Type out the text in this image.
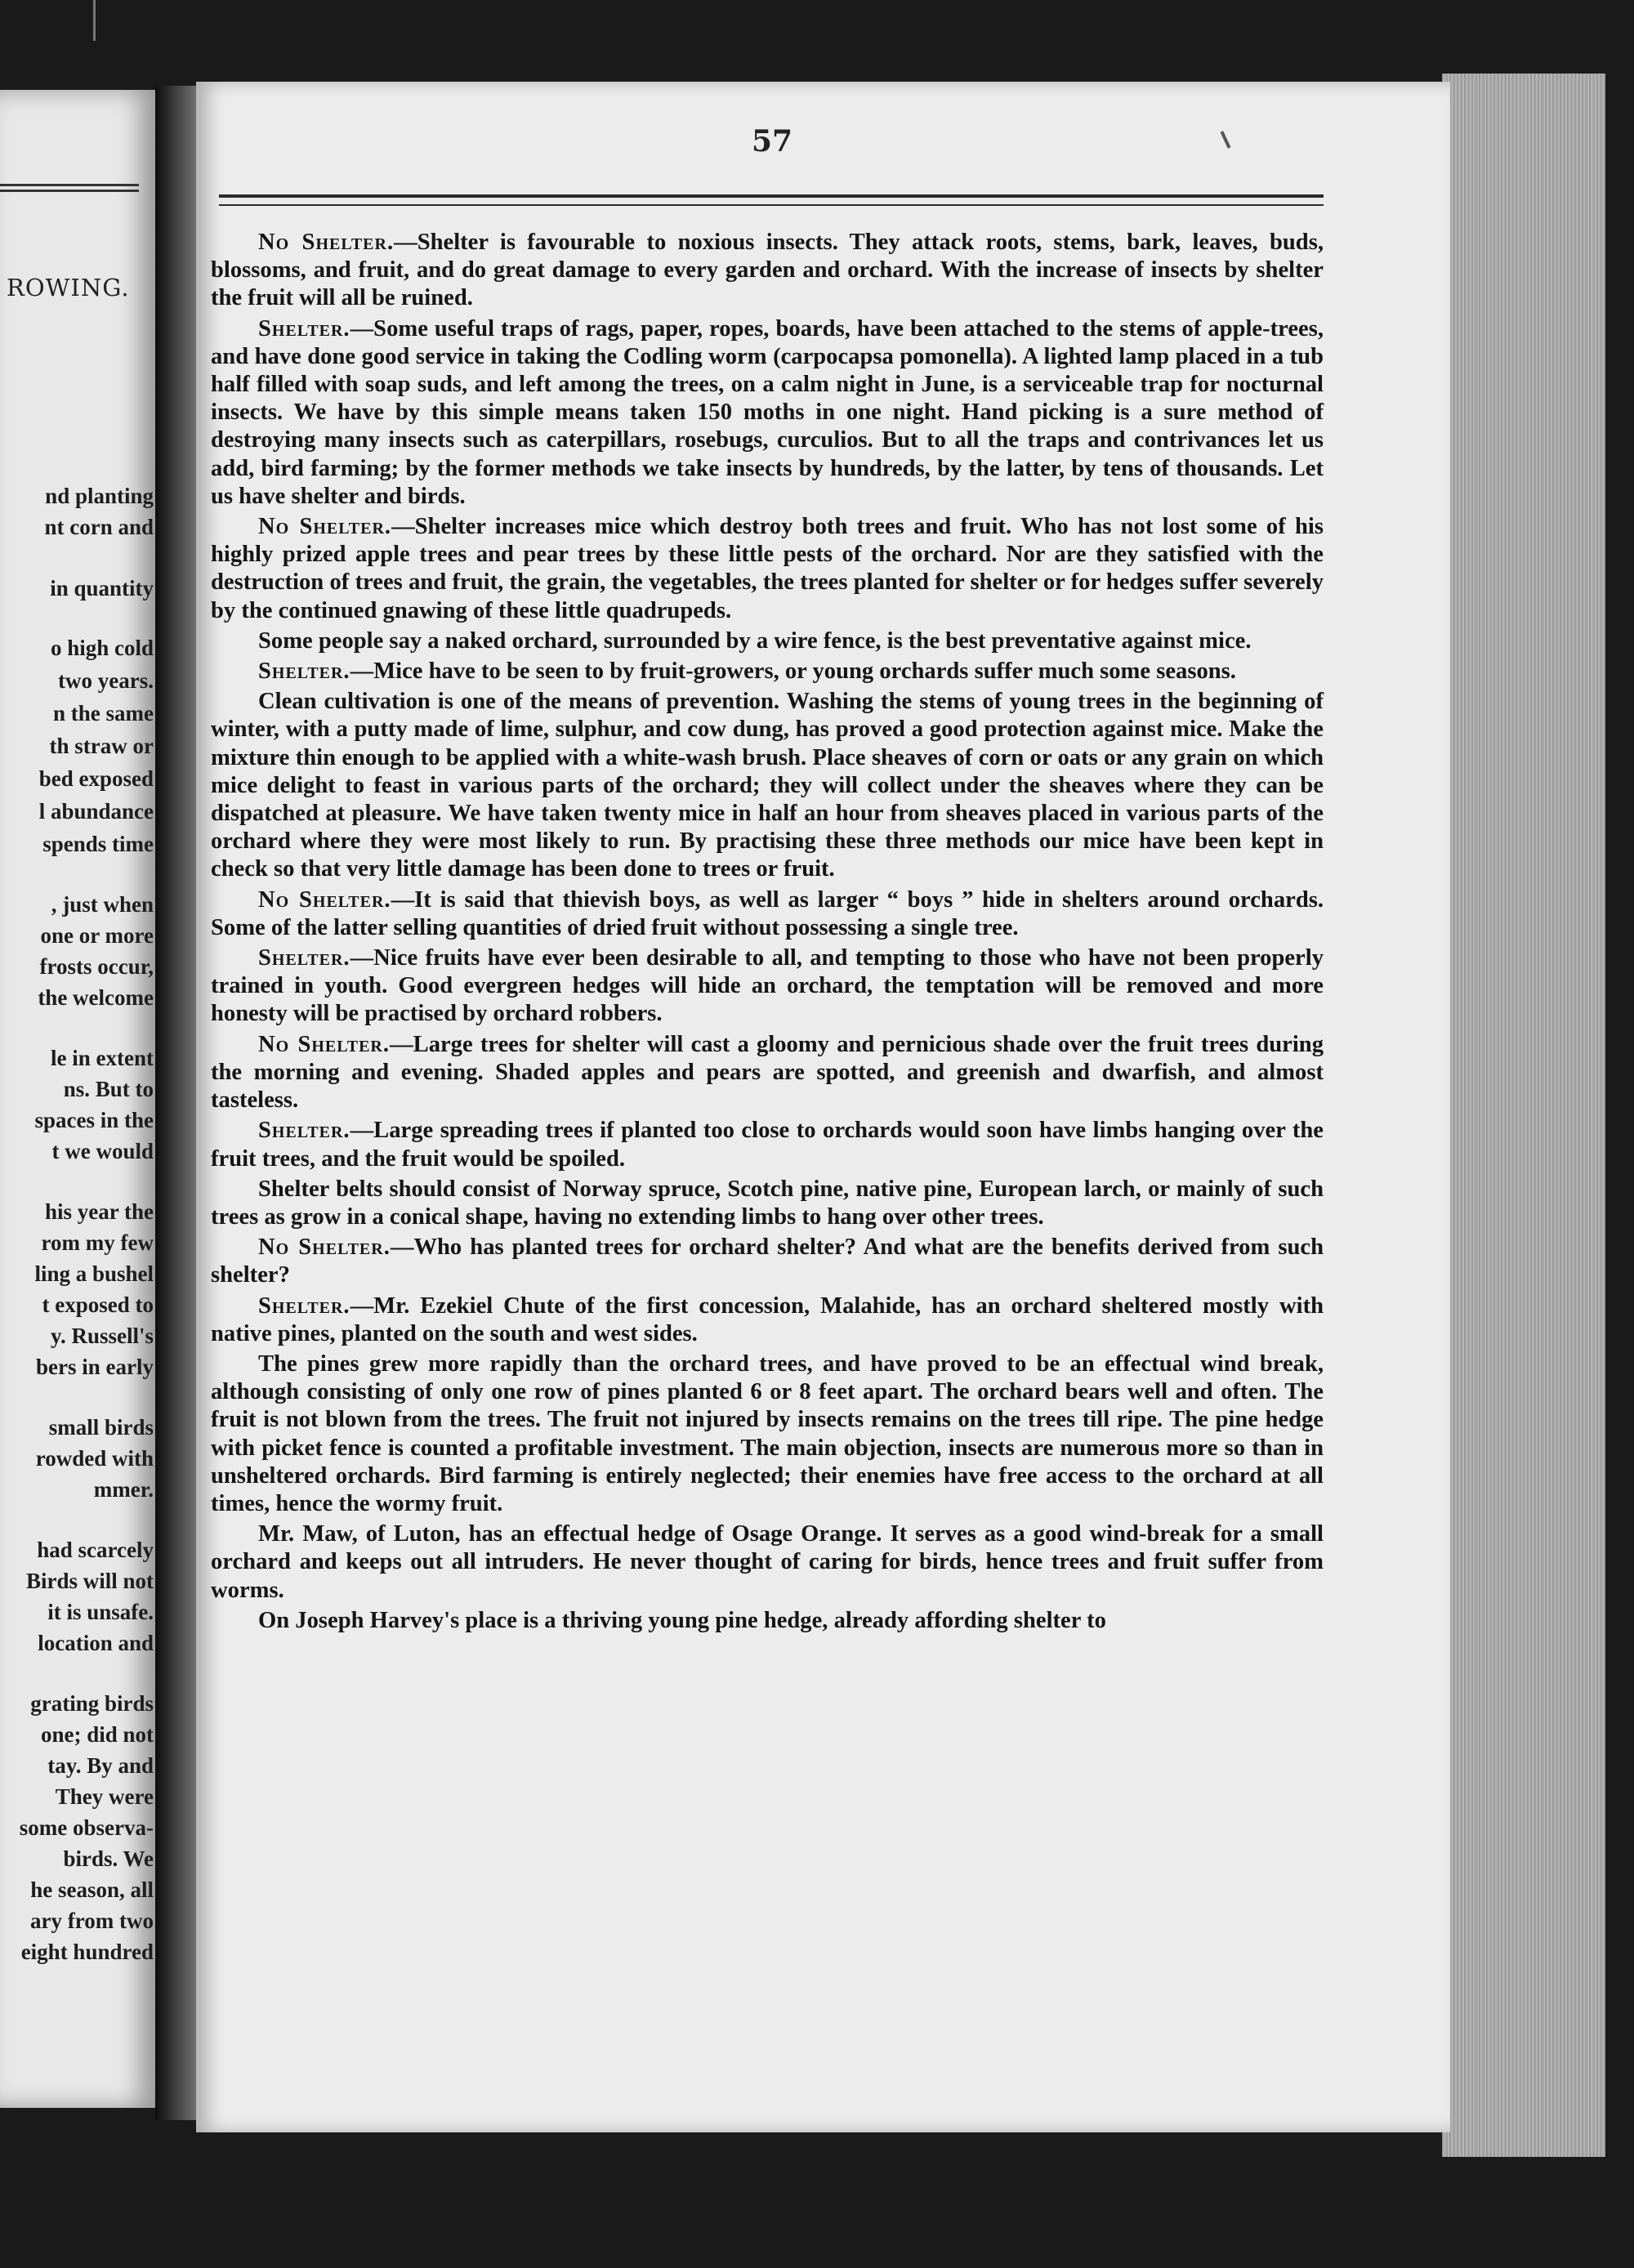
ROWING.
nd planting
nt corn and
in quantity
o high cold
two years.
n the same
th straw or
bed exposed
l abundance
spends time
, just when
one or more
frosts occur,
the welcome
le in extent
ns. But to
spaces in the
t we would
his year the
rom my few
ling a bushel
t exposed to
y. Russell's
bers in early
small birds
rowded with
mmer.
had scarcely
Birds will not
it is unsafe.
location and
grating birds
one; did not
tay. By and
They were
some observa-
birds. We
he season, all
ary from two
eight hundred
57

No Shelter.—Shelter is favourable to noxious insects. They attack roots, stems, bark, leaves, buds, blossoms, and fruit, and do great damage to every garden and orchard. With the increase of insects by shelter the fruit will all be ruined.

Shelter.—Some useful traps of rags, paper, ropes, boards, have been attached to the stems of apple-trees, and have done good service in taking the Codling worm (carpocapsa pomonella). A lighted lamp placed in a tub half filled with soap suds, and left among the trees, on a calm night in June, is a serviceable trap for nocturnal insects. We have by this simple means taken 150 moths in one night. Hand picking is a sure method of destroying many insects such as caterpillars, rosebugs, curculios. But to all the traps and contrivances let us add, bird farming; by the former methods we take insects by hundreds, by the latter, by tens of thousands. Let us have shelter and birds.

No Shelter.—Shelter increases mice which destroy both trees and fruit. Who has not lost some of his highly prized apple trees and pear trees by these little pests of the orchard. Nor are they satisfied with the destruction of trees and fruit, the grain, the vegetables, the trees planted for shelter or for hedges suffer severely by the continued gnawing of these little quadrupeds.

Some people say a naked orchard, surrounded by a wire fence, is the best preventative against mice.

Shelter.—Mice have to be seen to by fruit-growers, or young orchards suffer much some seasons.

Clean cultivation is one of the means of prevention. Washing the stems of young trees in the beginning of winter, with a putty made of lime, sulphur, and cow dung, has proved a good protection against mice. Make the mixture thin enough to be applied with a white-wash brush. Place sheaves of corn or oats or any grain on which mice delight to feast in various parts of the orchard; they will collect under the sheaves where they can be dispatched at pleasure. We have taken twenty mice in half an hour from sheaves placed in various parts of the orchard where they were most likely to run. By practising these three methods our mice have been kept in check so that very little damage has been done to trees or fruit.

No Shelter.—It is said that thievish boys, as well as larger “ boys ” hide in shelters around orchards. Some of the latter selling quantities of dried fruit without possessing a single tree.

Shelter.—Nice fruits have ever been desirable to all, and tempting to those who have not been properly trained in youth. Good evergreen hedges will hide an orchard, the temptation will be removed and more honesty will be practised by orchard robbers.

No Shelter.—Large trees for shelter will cast a gloomy and pernicious shade over the fruit trees during the morning and evening. Shaded apples and pears are spotted, and greenish and dwarfish, and almost tasteless.

Shelter.—Large spreading trees if planted too close to orchards would soon have limbs hanging over the fruit trees, and the fruit would be spoiled.

Shelter belts should consist of Norway spruce, Scotch pine, native pine, European larch, or mainly of such trees as grow in a conical shape, having no extending limbs to hang over other trees.

No Shelter.—Who has planted trees for orchard shelter? And what are the benefits derived from such shelter?

Shelter.—Mr. Ezekiel Chute of the first concession, Malahide, has an orchard sheltered mostly with native pines, planted on the south and west sides.

The pines grew more rapidly than the orchard trees, and have proved to be an effectual wind break, although consisting of only one row of pines planted 6 or 8 feet apart. The orchard bears well and often. The fruit is not blown from the trees. The fruit not injured by insects remains on the trees till ripe. The pine hedge with picket fence is counted a profitable investment. The main objection, insects are numerous more so than in unsheltered orchards. Bird farming is entirely neglected; their enemies have free access to the orchard at all times, hence the wormy fruit.

Mr. Maw, of Luton, has an effectual hedge of Osage Orange. It serves as a good wind-break for a small orchard and keeps out all intruders. He never thought of caring for birds, hence trees and fruit suffer from worms.

On Joseph Harvey's place is a thriving young pine hedge, already affording shelter to
